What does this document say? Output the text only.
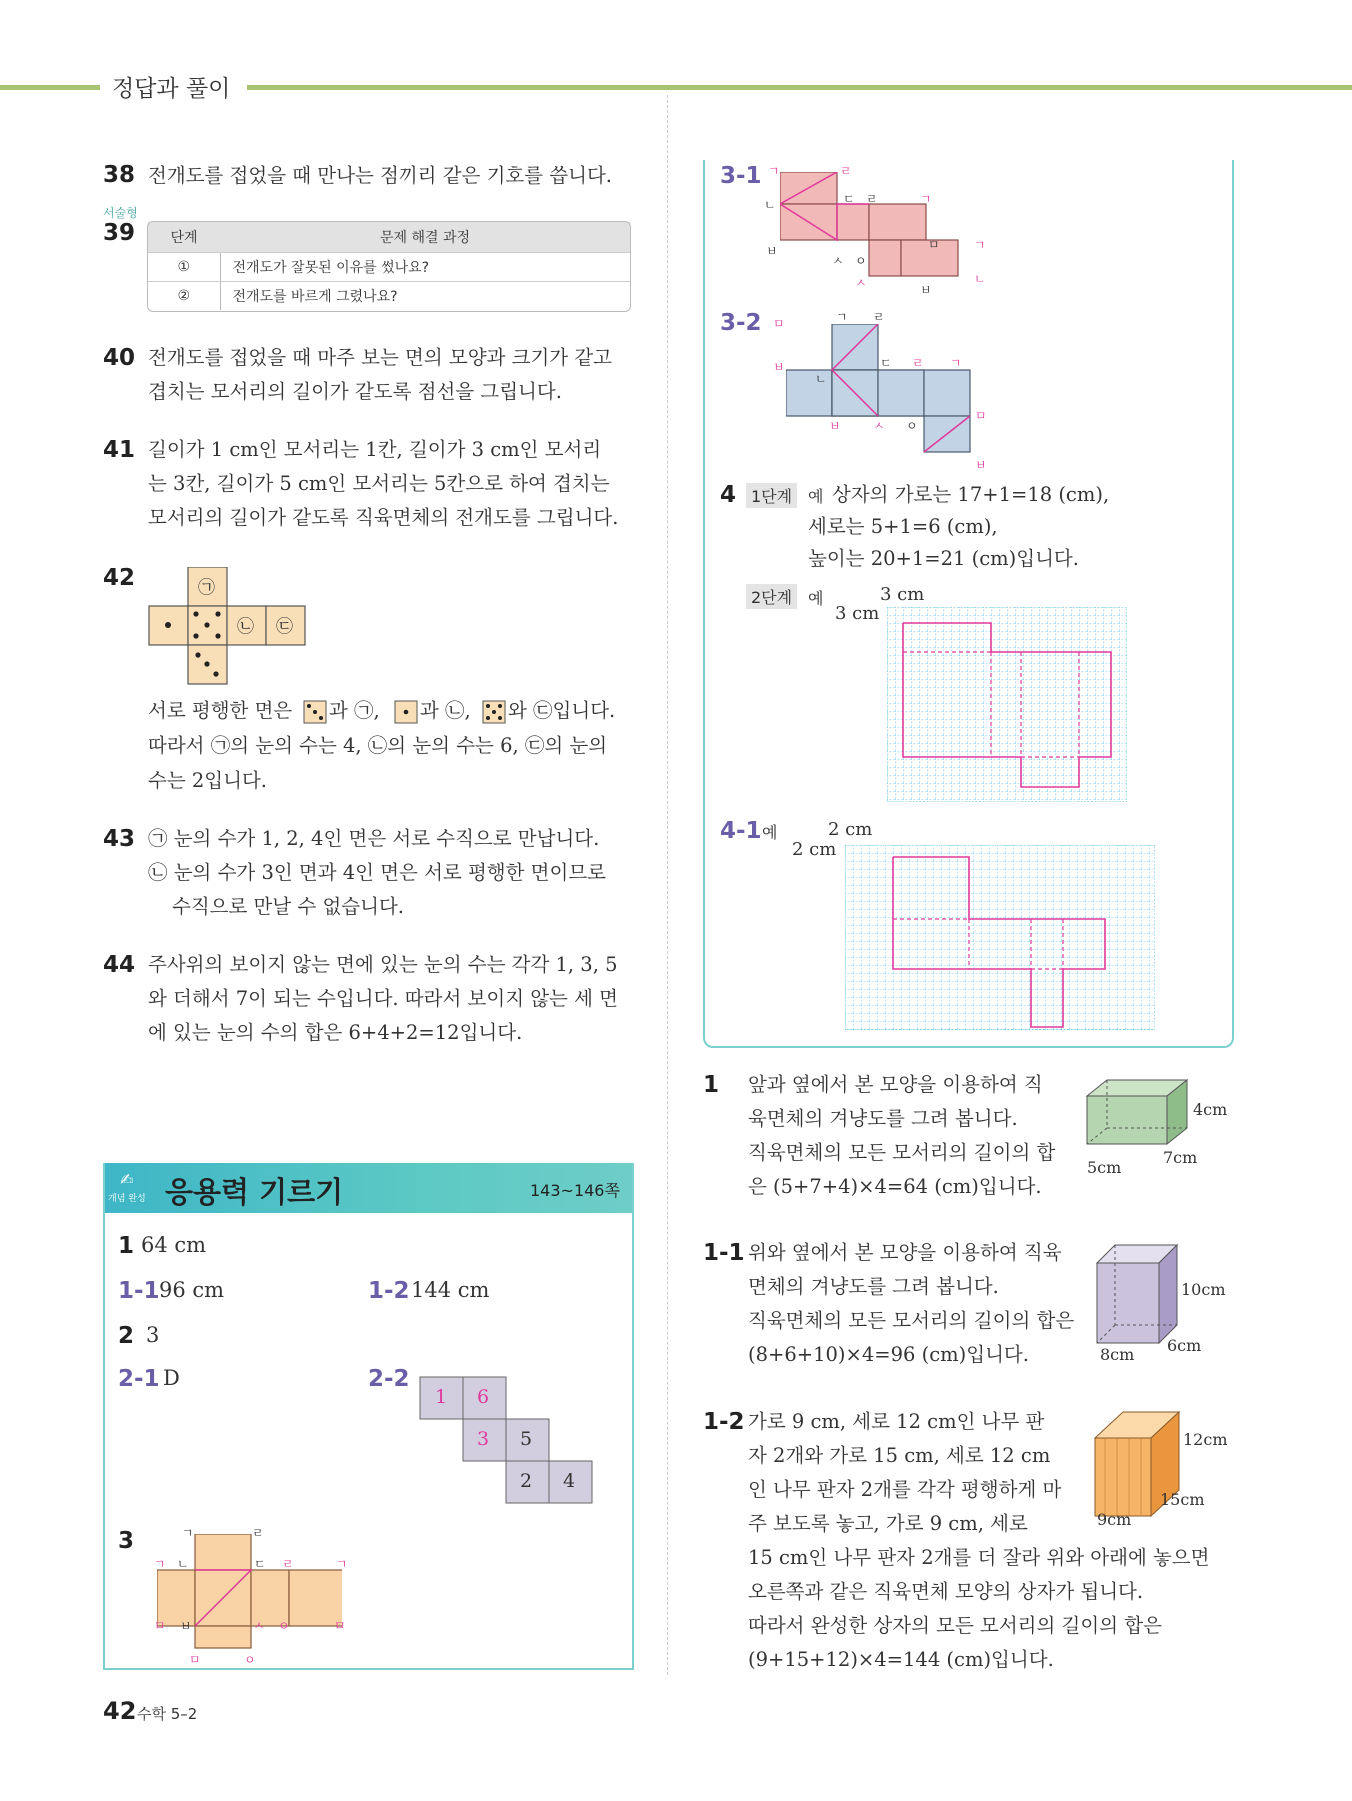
정답과 풀이
38 전개도를 접었을 때 만나는 점끼리 같은 기호를 씁니다.
서술형
39	단계	문제 해결 과정
①	전개도가 잘못된 이유를 썼나요?
②	전개도를 바르게 그렸나요?
40 전개도를 접었을 때 마주 보는 면의 모양과 크기가 같고
겹치는 모서리의 길이가 같도록 점선을 그립니다.
41 길이가 1 cm인 모서리는 1칸, 길이가 3 cm인 모서리
는 3칸, 길이가 5 cm인 모서리는 5칸으로 하여 겹치는
모서리의 길이가 같도록 직육면체의 전개도를 그립니다.
42	㉠
㉡ ㉢
서로 평행한 면은 과 ㉠, 과 ㉡, 와 ㉢입니다.
따라서 ㉠의 눈의 수는 4, ㉡의 눈의 수는 6, ㉢의 눈의
수는 2입니다.
43 ㉠ 눈의 수가 1, 2, 4인 면은 서로 수직으로 만납니다.
㉡ 눈의 수가 3인 면과 4인 면은 서로 평행한 면이므로
수직으로 만날 수 없습니다.
44 주사위의 보이지 않는 면에 있는 눈의 수는 각각 1, 3, 5
와 더해서 7이 되는 수입니다. 따라서 보이지 않는 세 면
에 있는 눈의 수의 합은 6+4+2=12입니다.
개념 완성
✍ 응용력 기르기	143~146쪽
1 64 cm
1-1 96 cm	1-2 144 cm
2 3
2-1 D	2-2
1 6
3 5
2 4
3	ㄱ	ㄹ
ㄱ ㄴ	ㄷ ㄹ	ㄱ
ㅁ ㅂ	ㅅ ㅇ	ㅁ
ㅁ	ㅇ
3-1 ㄱ	ㄹ
ㄴ	ㄷ ㄹ	ㄱ
ㅂ
ㅅ ㅇ
ㅁ	ㄱ
ㅅ	ㅂ
ㄴ
3-2 ㅁ	ㄱ ㄹ
ㅂ
ㄴ
ㄷ ㄹ ㄱ
ㅁ
ㅂ	ㅅ ㅇ
ㅂ
4 1단계 예 상자의 가로는 17+1=18 (cm),
세로는 5+1=6 (cm),
높이는 20+1=21 (cm)입니다.
2단계 예	3 cm
3 cm
4-1 예	2 cm
2 cm
1 앞과 옆에서 본 모양을 이용하여 직
육면체의 겨냥도를 그려 봅니다.
직육면체의 모든 모서리의 길이의 합
은 (5+7+4)×4=64 (cm)입니다.
4cm
7cm
5cm
1-1 위와 옆에서 본 모양을 이용하여 직육
면체의 겨냥도를 그려 봅니다.
직육면체의 모든 모서리의 길이의 합은
(8+6+10)×4=96 (cm)입니다.
10cm
6cm
8cm
1-2 가로 9 cm, 세로 12 cm인 나무 판
자 2개와 가로 15 cm, 세로 12 cm
인 나무 판자 2개를 각각 평행하게 마
주 보도록 놓고, 가로 9 cm, 세로
15 cm인 나무 판자 2개를 더 잘라 위와 아래에 놓으면
오른쪽과 같은 직육면체 모양의 상자가 됩니다.
따라서 완성한 상자의 모든 모서리의 길이의 합은
(9+15+12)×4=144 (cm)입니다.
12cm
15cm
9cm
42 수학 5–2
